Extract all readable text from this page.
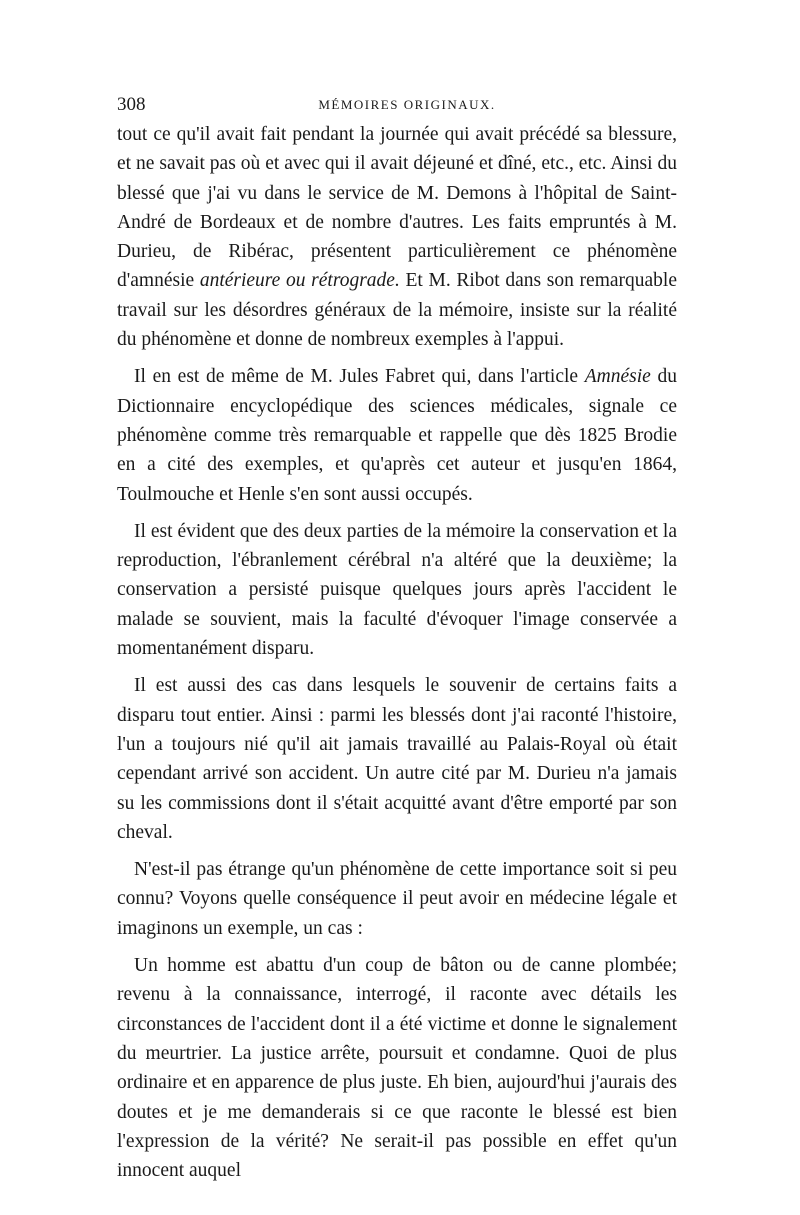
308	MÉMOIRES ORIGINAUX.

tout ce qu'il avait fait pendant la journée qui avait précédé sa blessure, et ne savait pas où et avec qui il avait déjeuné et dîné, etc., etc. Ainsi du blessé que j'ai vu dans le service de M. Demons à l'hôpital de Saint-André de Bordeaux et de nombre d'autres. Les faits empruntés à M. Durieu, de Ribérac, présentent particulièrement ce phénomène d'amnésie antérieure ou rétrograde. Et M. Ribot dans son remarquable travail sur les désordres généraux de la mémoire, insiste sur la réalité du phénomène et donne de nombreux exemples à l'appui.

Il en est de même de M. Jules Fabret qui, dans l'article Amnésie du Dictionnaire encyclopédique des sciences médicales, signale ce phénomène comme très remarquable et rappelle que dès 1825 Brodie en a cité des exemples, et qu'après cet auteur et jusqu'en 1864, Toulmouche et Henle s'en sont aussi occupés.

Il est évident que des deux parties de la mémoire la conservation et la reproduction, l'ébranlement cérébral n'a altéré que la deuxième; la conservation a persisté puisque quelques jours après l'accident le malade se souvient, mais la faculté d'évoquer l'image conservée a momentanément disparu.

Il est aussi des cas dans lesquels le souvenir de certains faits a disparu tout entier. Ainsi : parmi les blessés dont j'ai raconté l'histoire, l'un a toujours nié qu'il ait jamais travaillé au Palais-Royal où était cependant arrivé son accident. Un autre cité par M. Durieu n'a jamais su les commissions dont il s'était acquitté avant d'être emporté par son cheval.

N'est-il pas étrange qu'un phénomène de cette importance soit si peu connu? Voyons quelle conséquence il peut avoir en médecine légale et imaginons un exemple, un cas :

Un homme est abattu d'un coup de bâton ou de canne plombée; revenu à la connaissance, interrogé, il raconte avec détails les circonstances de l'accident dont il a été victime et donne le signalement du meurtrier. La justice arrête, poursuit et condamne. Quoi de plus ordinaire et en apparence de plus juste. Eh bien, aujourd'hui j'aurais des doutes et je me demanderais si ce que raconte le blessé est bien l'expression de la vérité? Ne serait-il pas possible en effet qu'un innocent auquel
